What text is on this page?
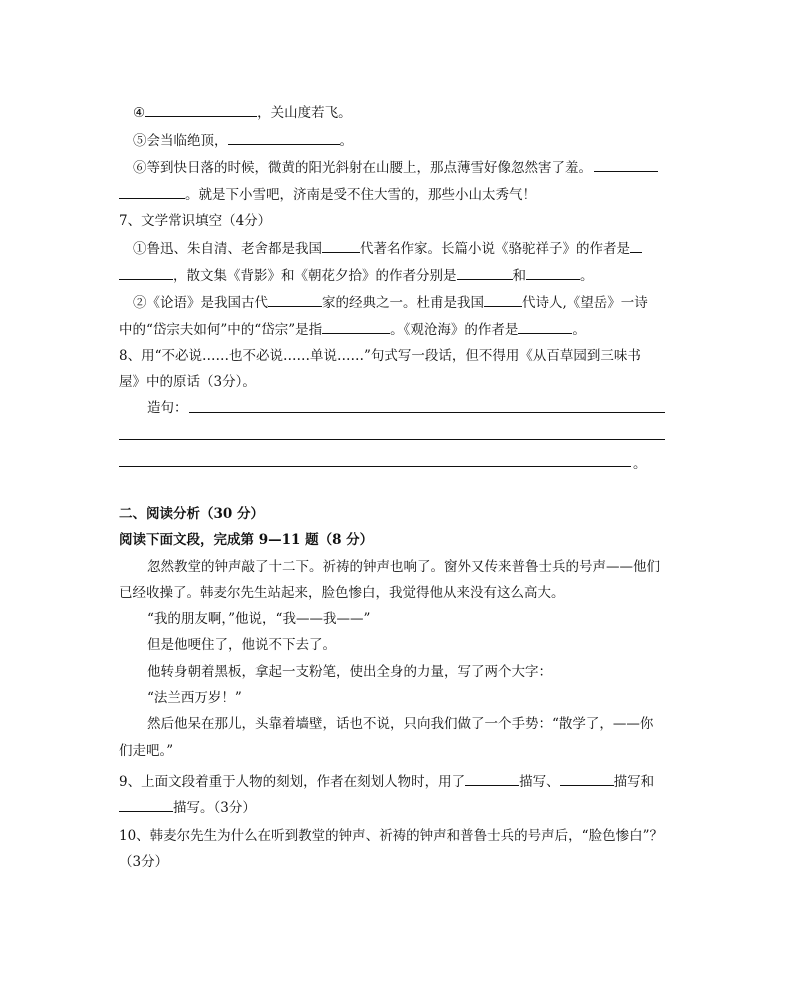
④	，关山度若飞。
⑤会当临绝顶，	。
⑥等到快日落的时候，微黄的阳光斜射在山腰上，那点薄雪好像忽然害了羞。
。就是下小雪吧，济南是受不住大雪的，那些小山太秀气！
7、文学常识填空（4分）
①鲁迅、朱自清、老舍都是我国	代著名作家。长篇小说《骆驼祥子》的作者是
，散文集《背影》和《朝花夕拾》的作者分别是	和	。
②《论语》是我国古代	家的经典之一。杜甫是我国	代诗人,《望岳》一诗
中的“岱宗夫如何”中的“岱宗”是指	。《观沧海》的作者是	。
8、用“不必说……也不必说……单说……”句式写一段话，但不得用《从百草园到三味书
屋》中的原话（3分）。
造句：
。
二、阅读分析（30 分）
阅读下面文段，完成第 9—11 题（8 分）
忽然教堂的钟声敲了十二下。祈祷的钟声也响了。窗外又传来普鲁士兵的号声——他们
已经收操了。韩麦尔先生站起来，脸色惨白，我觉得他从来没有这么高大。
“我的朋友啊，”他说，“我——我——”
但是他哽住了，他说不下去了。
他转身朝着黑板，拿起一支粉笔，使出全身的力量，写了两个大字：
“法兰西万岁！”
然后他呆在那儿，头靠着墙壁，话也不说，只向我们做了一个手势：“散学了，——你
们走吧。”
9、上面文段着重于人物的刻划，作者在刻划人物时，用了	描写、	描写和
描写。（3分）
10、韩麦尔先生为什么在听到教堂的钟声、祈祷的钟声和普鲁士兵的号声后，“脸色惨白”？
（3分）
